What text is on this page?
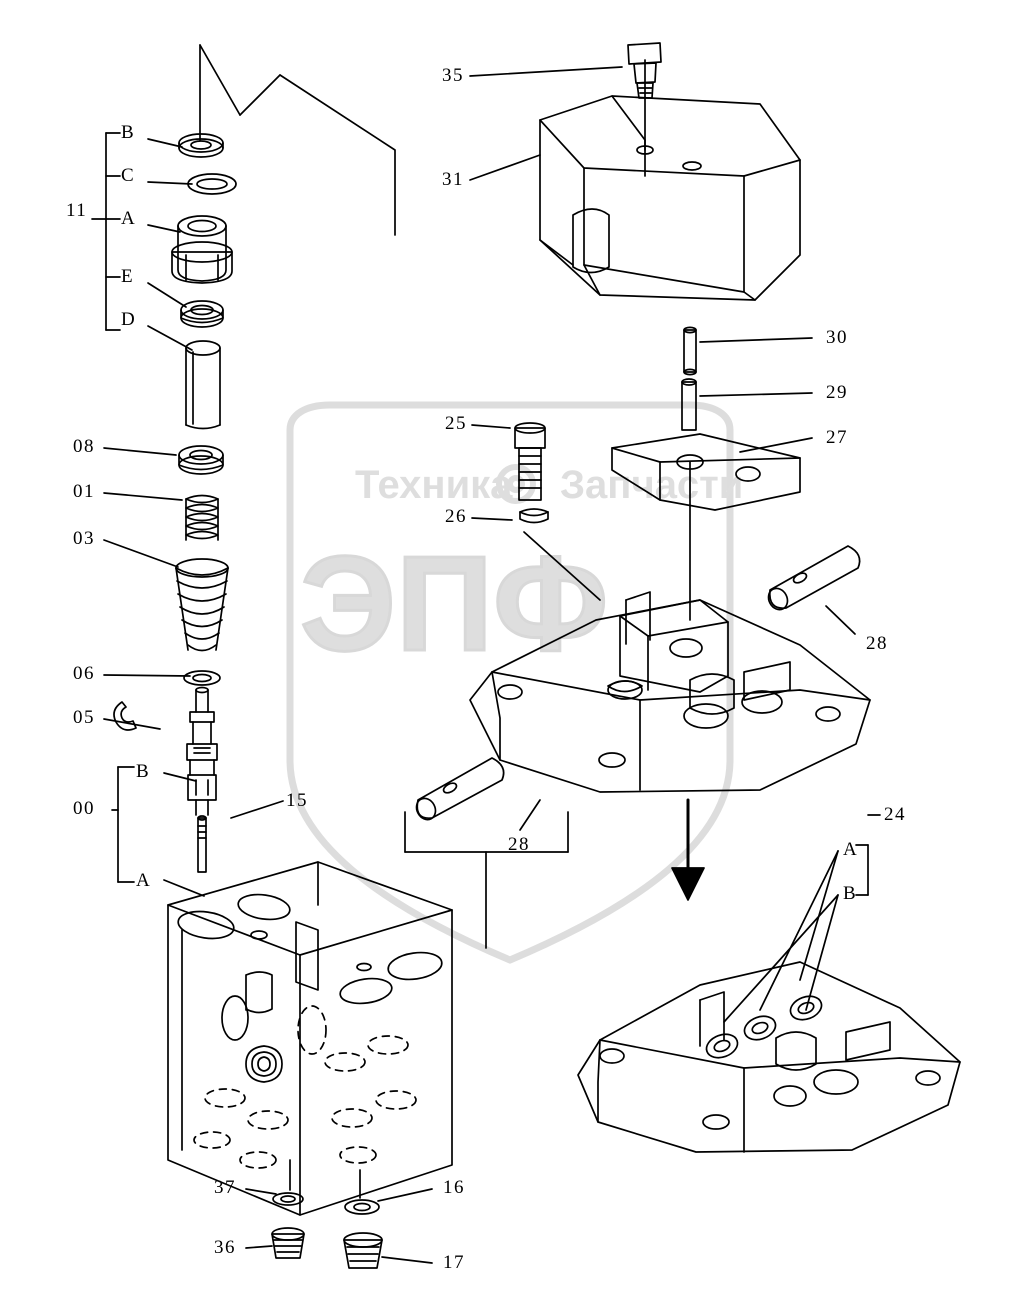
Техника Запчасти
ЭПФ
11
B
C
A
E
D
08
01
03
06
05
00
B
A
15
37
36
16
17
35
31
30
29
27
25
26
28
28
24
A
B
